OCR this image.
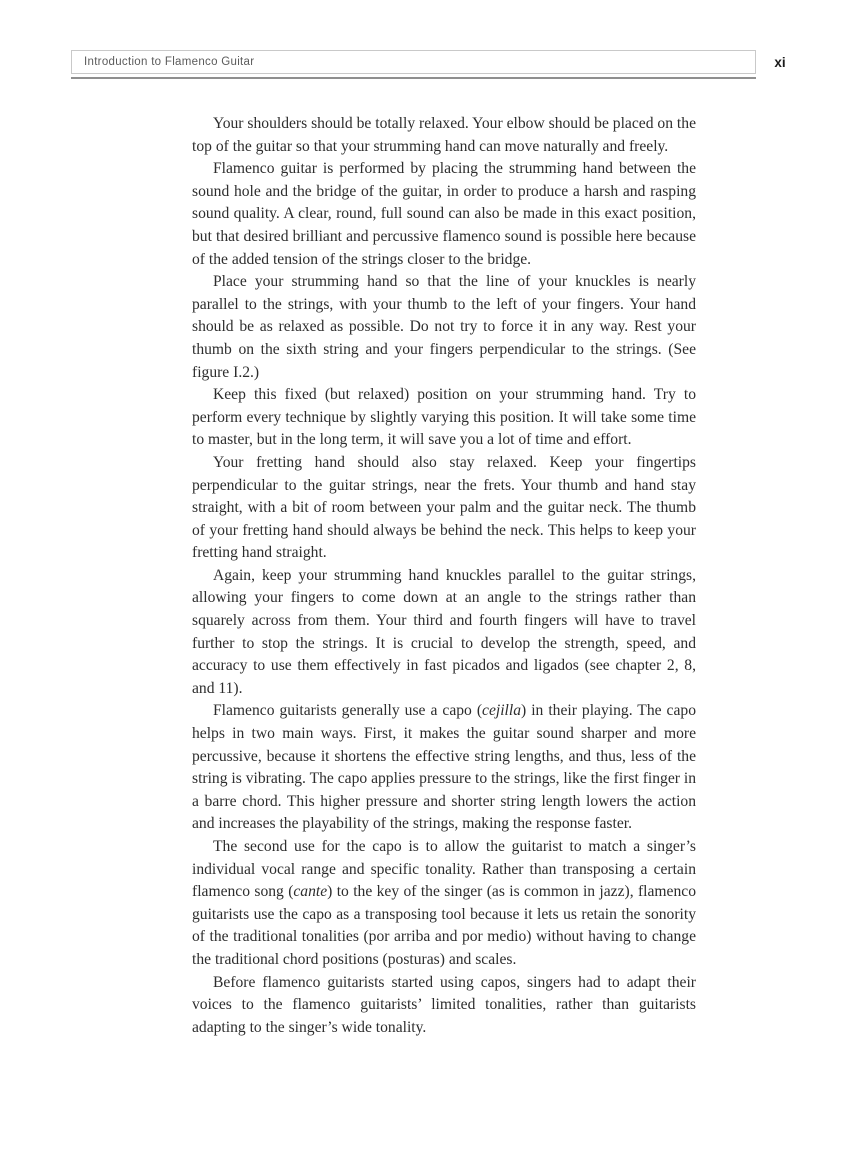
Introduction to Flamenco Guitar	xi

Your shoulders should be totally relaxed. Your elbow should be placed on the top of the guitar so that your strumming hand can move naturally and freely.

Flamenco guitar is performed by placing the strumming hand between the sound hole and the bridge of the guitar, in order to produce a harsh and rasping sound quality. A clear, round, full sound can also be made in this exact position, but that desired brilliant and percussive flamenco sound is possible here because of the added tension of the strings closer to the bridge.

Place your strumming hand so that the line of your knuckles is nearly parallel to the strings, with your thumb to the left of your fingers. Your hand should be as relaxed as possible. Do not try to force it in any way. Rest your thumb on the sixth string and your fingers perpendicular to the strings. (See figure I.2.)

Keep this fixed (but relaxed) position on your strumming hand. Try to perform every technique by slightly varying this position. It will take some time to master, but in the long term, it will save you a lot of time and effort.

Your fretting hand should also stay relaxed. Keep your fingertips perpendicular to the guitar strings, near the frets. Your thumb and hand stay straight, with a bit of room between your palm and the guitar neck. The thumb of your fretting hand should always be behind the neck. This helps to keep your fretting hand straight.

Again, keep your strumming hand knuckles parallel to the guitar strings, allowing your fingers to come down at an angle to the strings rather than squarely across from them. Your third and fourth fingers will have to travel further to stop the strings. It is crucial to develop the strength, speed, and accuracy to use them effectively in fast picados and ligados (see chapter 2, 8, and 11).

Flamenco guitarists generally use a capo (cejilla) in their playing. The capo helps in two main ways. First, it makes the guitar sound sharper and more percussive, because it shortens the effective string lengths, and thus, less of the string is vibrating. The capo applies pressure to the strings, like the first finger in a barre chord. This higher pressure and shorter string length lowers the action and increases the playability of the strings, making the response faster.

The second use for the capo is to allow the guitarist to match a singer’s individual vocal range and specific tonality. Rather than transposing a certain flamenco song (cante) to the key of the singer (as is common in jazz), flamenco guitarists use the capo as a transposing tool because it lets us retain the sonority of the traditional tonalities (por arriba and por medio) without having to change the traditional chord positions (posturas) and scales.

Before flamenco guitarists started using capos, singers had to adapt their voices to the flamenco guitarists’ limited tonalities, rather than guitarists adapting to the singer’s wide tonality.
